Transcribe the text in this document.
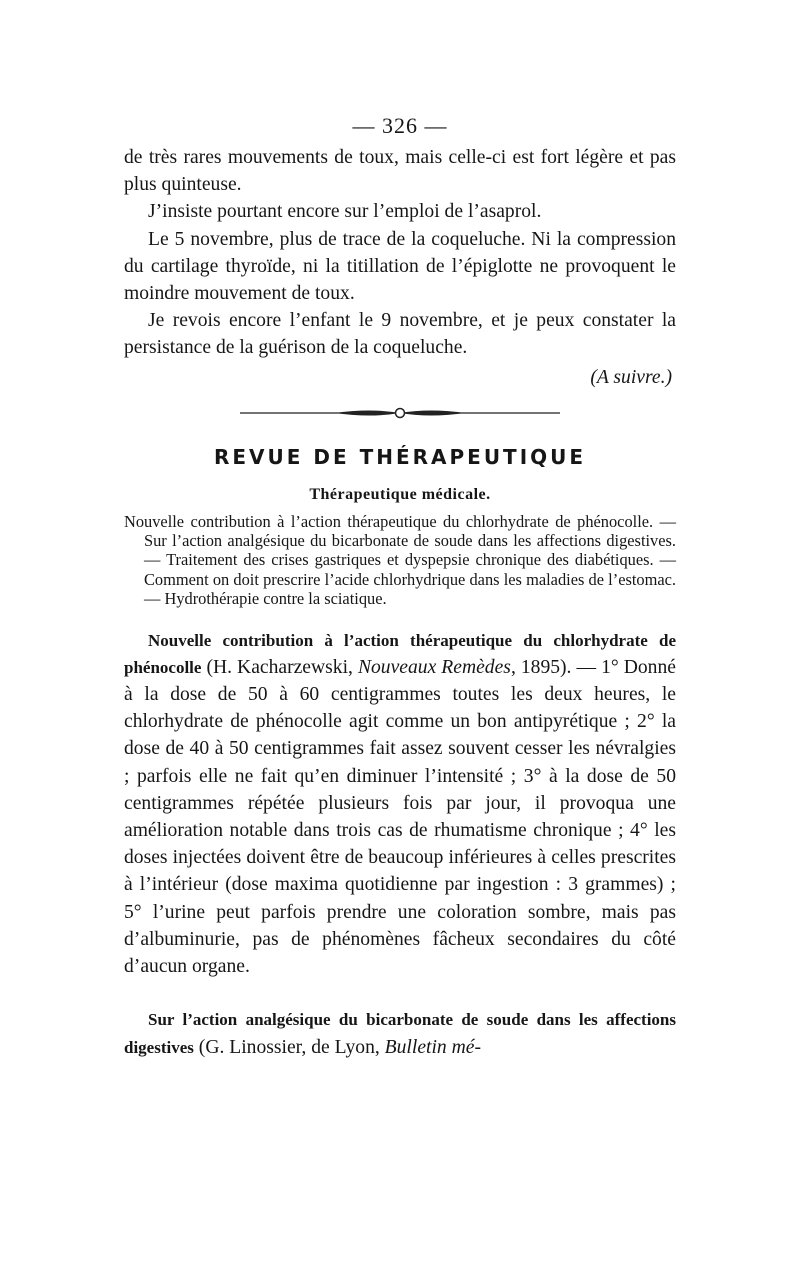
— 326 —

de très rares mouvements de toux, mais celle-ci est fort légère et pas plus quinteuse.

J’insiste pourtant encore sur l’emploi de l’asaprol.

Le 5 novembre, plus de trace de la coqueluche. Ni la compression du cartilage thyroïde, ni la titillation de l’épiglotte ne provoquent le moindre mouvement de toux.

Je revois encore l’enfant le 9 novembre, et je peux constater la persistance de la guérison de la coqueluche.

(A suivre.)

REVUE DE THÉRAPEUTIQUE
Thérapeutique médicale.

Nouvelle contribution à l’action thérapeutique du chlorhydrate de phénocolle. — Sur l’action analgésique du bicarbonate de soude dans les affections digestives. — Traitement des crises gastriques et dyspepsie chronique des diabétiques. — Comment on doit prescrire l’acide chlorhydrique dans les maladies de l’estomac. — Hydrothérapie contre la sciatique.

Nouvelle contribution à l’action thérapeutique du chlorhydrate de phénocolle (H. Kacharzewski, Nouveaux Remèdes, 1895). — 1° Donné à la dose de 50 à 60 centigrammes toutes les deux heures, le chlorhydrate de phénocolle agit comme un bon antipyrétique ; 2° la dose de 40 à 50 centigrammes fait assez souvent cesser les névralgies ; parfois elle ne fait qu’en diminuer l’intensité ; 3° à la dose de 50 centigrammes répétée plusieurs fois par jour, il provoqua une amélioration notable dans trois cas de rhumatisme chronique ; 4° les doses injectées doivent être de beaucoup inférieures à celles prescrites à l’intérieur (dose maxima quotidienne par ingestion : 3 grammes) ; 5° l’urine peut parfois prendre une coloration sombre, mais pas d’albuminurie, pas de phénomènes fâcheux secondaires du côté d’aucun organe.

Sur l’action analgésique du bicarbonate de soude dans les affections digestives (G. Linossier, de Lyon, Bulletin mé-
